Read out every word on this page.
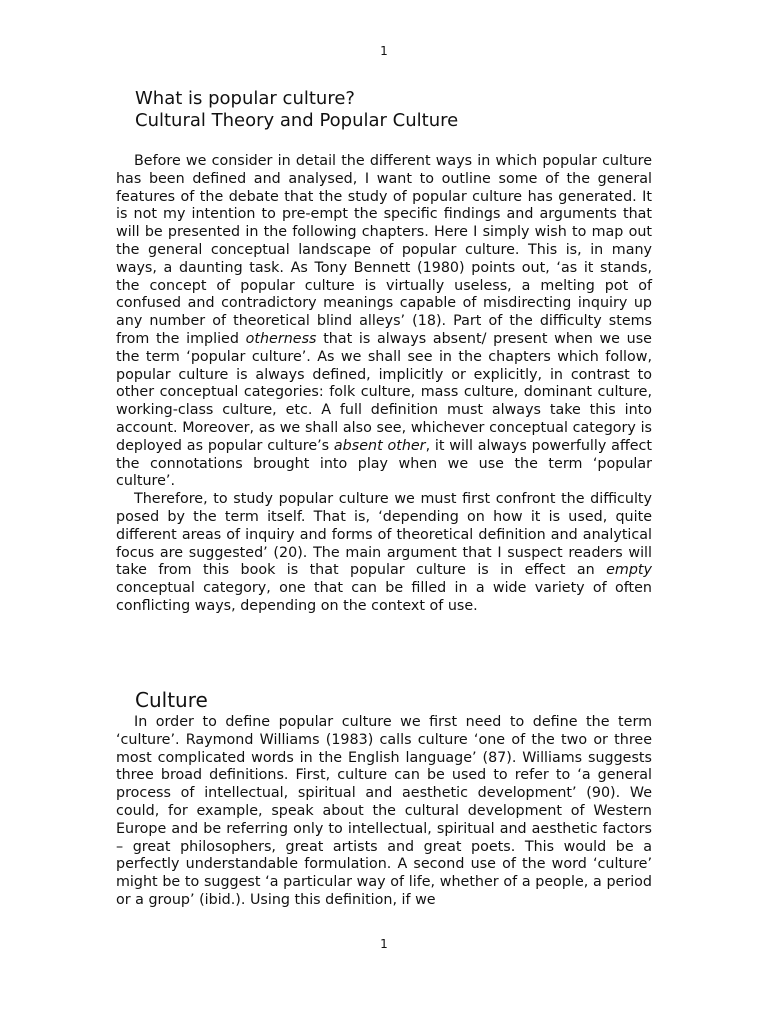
1
What is popular culture?
Cultural Theory and Popular Culture

Before we consider in detail the different ways in which popular culture has been defined and analysed, I want to outline some of the general features of the debate that the study of popular culture has generated. It is not my intention to pre-empt the specific findings and arguments that will be presented in the following chapters. Here I simply wish to map out the general conceptual landscape of popular culture. This is, in many ways, a daunting task. As Tony Bennett (1980) points out, ‘as it stands, the concept of popular culture is virtually useless, a melting pot of confused and contradictory meanings capable of misdirecting inquiry up any number of theoretical blind alleys’ (18). Part of the difficulty stems from the implied otherness that is always absent/ present when we use the term ‘popular culture’. As we shall see in the chapters which follow, popular culture is always defined, implicitly or explicitly, in contrast to other conceptual categories: folk culture, mass culture, dominant culture, working-class culture, etc. A full definition must always take this into account. Moreover, as we shall also see, whichever conceptual category is deployed as popular culture’s absent other, it will always powerfully affect the connotations brought into play when we use the term ‘popular culture’.

Therefore, to study popular culture we must first confront the difficulty posed by the term itself. That is, ‘depending on how it is used, quite different areas of inquiry and forms of theoretical definition and analytical focus are suggested’ (20). The main argument that I suspect readers will take from this book is that popular culture is in effect an empty conceptual category, one that can be filled in a wide variety of often conflicting ways, depending on the context of use.

Culture

In order to define popular culture we first need to define the term ‘culture’. Raymond Williams (1983) calls culture ‘one of the two or three most complicated words in the English language’ (87). Williams suggests three broad definitions. First, culture can be used to refer to ‘a general process of intellectual, spiritual and aesthetic development’ (90). We could, for example, speak about the cultural development of Western Europe and be referring only to intellectual, spiritual and aesthetic factors – great philosophers, great artists and great poets. This would be a perfectly understandable formulation. A second use of the word ‘culture’ might be to suggest ‘a particular way of life, whether of a people, a period or a group’ (ibid.). Using this definition, if we

1
